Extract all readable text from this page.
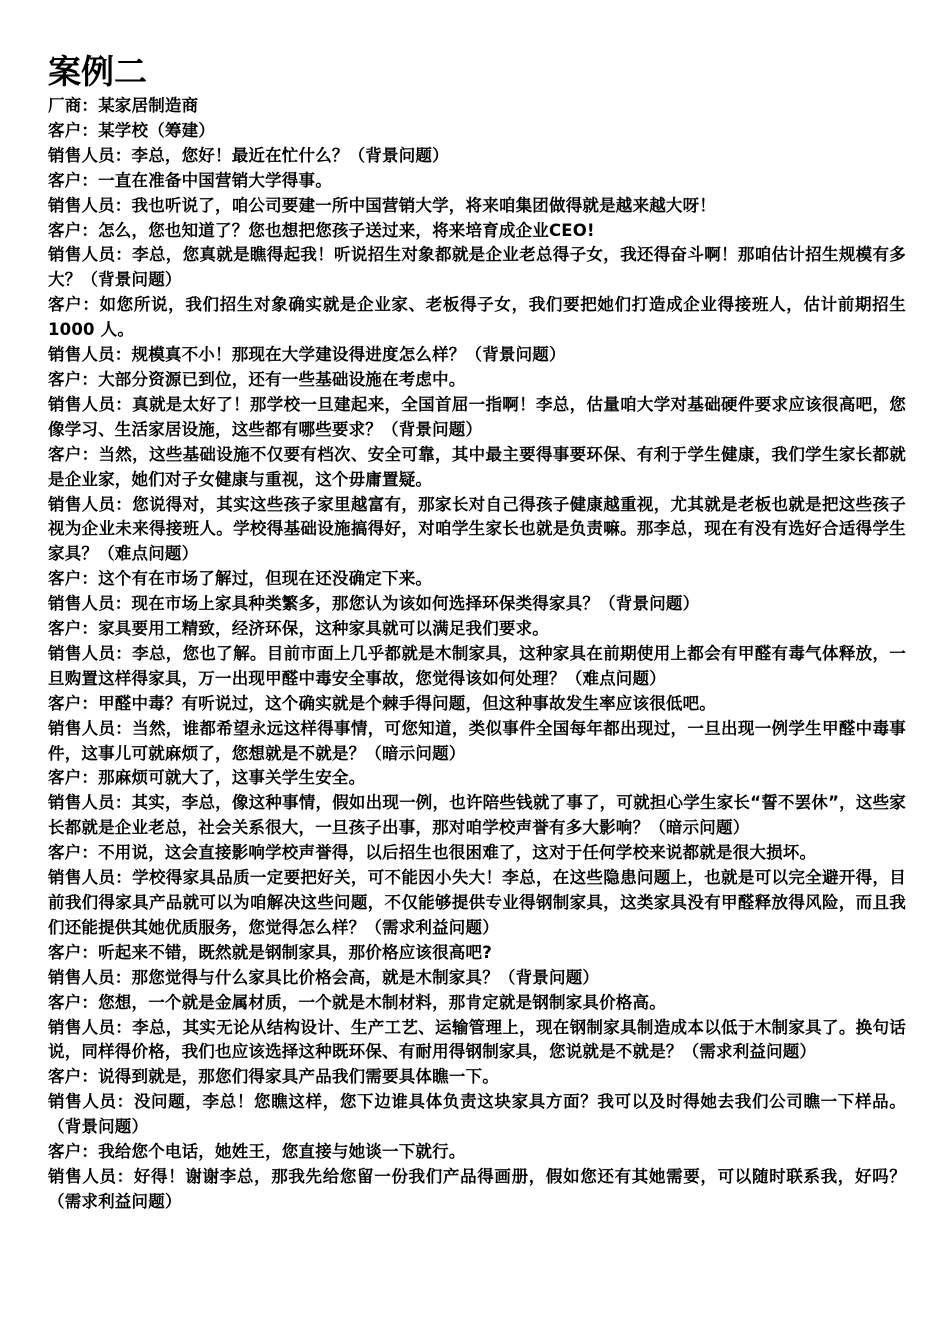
案例二

厂商：某家居制造商

客户：某学校（筹建）

销售人员：李总，您好！最近在忙什么？（背景问题）

客户：一直在准备中国营销大学得事。

销售人员：我也听说了，咱公司要建一所中国营销大学，将来咱集团做得就是越来越大呀！

客户：怎么，您也知道了？您也想把您孩子送过来，将来培育成企业CEO!

销售人员：李总，您真就是瞧得起我！听说招生对象都就是企业老总得子女，我还得奋斗啊！那咱估计招生规模有多大？（背景问题）

客户：如您所说，我们招生对象确实就是企业家、老板得子女，我们要把她们打造成企业得接班人，估计前期招生 1000 人。

销售人员：规模真不小！那现在大学建设得进度怎么样？（背景问题）

客户：大部分资源已到位，还有一些基础设施在考虑中。

销售人员：真就是太好了！那学校一旦建起来，全国首屈一指啊！李总，估量咱大学对基础硬件要求应该很高吧，您像学习、生活家居设施，这些都有哪些要求？（背景问题）

客户：当然，这些基础设施不仅要有档次、安全可靠，其中最主要得事要环保、有利于学生健康，我们学生家长都就是企业家，她们对子女健康与重视，这个毋庸置疑。

销售人员：您说得对，其实这些孩子家里越富有，那家长对自己得孩子健康越重视，尤其就是老板也就是把这些孩子视为企业未来得接班人。学校得基础设施搞得好，对咱学生家长也就是负责嘛。那李总，现在有没有选好合适得学生家具？（难点问题）

客户：这个有在市场了解过，但现在还没确定下来。

销售人员：现在市场上家具种类繁多，那您认为该如何选择环保类得家具？（背景问题）

客户：家具要用工精致，经济环保，这种家具就可以满足我们要求。

销售人员：李总，您也了解。目前市面上几乎都就是木制家具，这种家具在前期使用上都会有甲醛有毒气体释放，一旦购置这样得家具，万一出现甲醛中毒安全事故，您觉得该如何处理？（难点问题）

客户：甲醛中毒？有听说过，这个确实就是个棘手得问题，但这种事故发生率应该很低吧。

销售人员：当然，谁都希望永远这样得事情，可您知道，类似事件全国每年都出现过，一旦出现一例学生甲醛中毒事件，这事儿可就麻烦了，您想就是不就是？（暗示问题）

客户：那麻烦可就大了，这事关学生安全。

销售人员：其实，李总，像这种事情，假如出现一例，也许陪些钱就了事了，可就担心学生家长“誓不罢休”，这些家长都就是企业老总，社会关系很大，一旦孩子出事，那对咱学校声誉有多大影响？（暗示问题）

客户：不用说，这会直接影响学校声誉得，以后招生也很困难了，这对于任何学校来说都就是很大损坏。

销售人员：学校得家具品质一定要把好关，可不能因小失大！李总，在这些隐患问题上，也就是可以完全避开得，目前我们得家具产品就可以为咱解决这些问题，不仅能够提供专业得钢制家具，这类家具没有甲醛释放得风险，而且我们还能提供其她优质服务，您觉得怎么样？（需求利益问题）

客户：听起来不错，既然就是钢制家具，那价格应该很高吧?

销售人员：那您觉得与什么家具比价格会高，就是木制家具？（背景问题）

客户：您想，一个就是金属材质，一个就是木制材料，那肯定就是钢制家具价格高。

销售人员：李总，其实无论从结构设计、生产工艺、运输管理上，现在钢制家具制造成本以低于木制家具了。换句话说，同样得价格，我们也应该选择这种既环保、有耐用得钢制家具，您说就是不就是？（需求利益问题）

客户：说得到就是，那您们得家具产品我们需要具体瞧一下。

销售人员：没问题，李总！您瞧这样，您下边谁具体负责这块家具方面？我可以及时得她去我们公司瞧一下样品。（背景问题）

客户：我给您个电话，她姓王，您直接与她谈一下就行。

销售人员：好得！谢谢李总，那我先给您留一份我们产品得画册，假如您还有其她需要，可以随时联系我，好吗？（需求利益问题）
